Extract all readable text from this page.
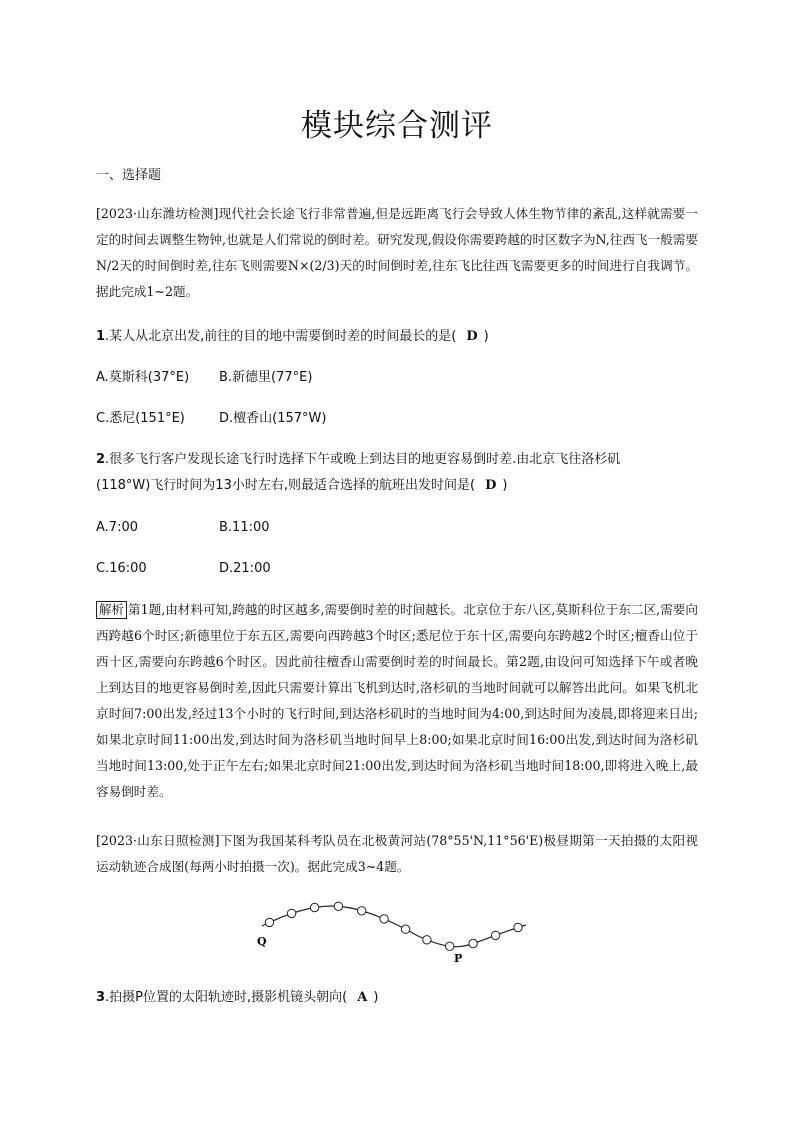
模块综合测评
一、选择题
[2023·山东潍坊检测]现代社会长途飞行非常普遍,但是远距离飞行会导致人体生物节律的紊乱,这样就需要一定的时间去调整生物钟,也就是人们常说的倒时差。研究发现,假设你需要跨越的时区数字为N,往西飞一般需要N/2天的时间倒时差,往东飞则需要N×(2/3)天的时间倒时差,往东飞比往西飞需要更多的时间进行自我调节。据此完成1~2题。
1.某人从北京出发,前往的目的地中需要倒时差的时间最长的是( D )
A.莫斯科(37°E) B.新德里(77°E)
C.悉尼(151°E)	D.檀香山(157°W)
2.很多飞行客户发现长途飞行时选择下午或晚上到达目的地更容易倒时差.由北京飞往洛杉矶
(118°W)飞行时间为13小时左右,则最适合选择的航班出发时间是( D )
A.7:00	B.11:00
C.16:00	D.21:00
解析 第1题,由材料可知,跨越的时区越多,需要倒时差的时间越长。北京位于东八区,莫斯科位于东二区,需要向西跨越6个时区;新德里位于东五区,需要向西跨越3个时区;悉尼位于东十区,需要向东跨越2个时区;檀香山位于西十区,需要向东跨越6个时区。因此前往檀香山需要倒时差的时间最长。第2题,由设问可知选择下午或者晚上到达目的地更容易倒时差,因此只需要计算出飞机到达时,洛杉矶的当地时间就可以解答出此问。如果飞机北京时间7:00出发,经过13个小时的飞行时间,到达洛杉矶时的当地时间为4:00,到达时间为凌晨,即将迎来日出;如果北京时间11:00出发,到达时间为洛杉矶当地时间早上8:00;如果北京时间16:00出发,到达时间为洛杉矶当地时间13:00,处于正午左右;如果北京时间21:00出发,到达时间为洛杉矶当地时间18:00,即将进入晚上,最容易倒时差。
[2023·山东日照检测]下图为我国某科考队员在北极黄河站(78°55'N,11°56'E)极昼期第一天拍摄的太阳视运动轨迹合成图(每两小时拍摄一次)。据此完成3~4题。
Q
P
3.拍摄P位置的太阳轨迹时,摄影机镜头朝向( A )
